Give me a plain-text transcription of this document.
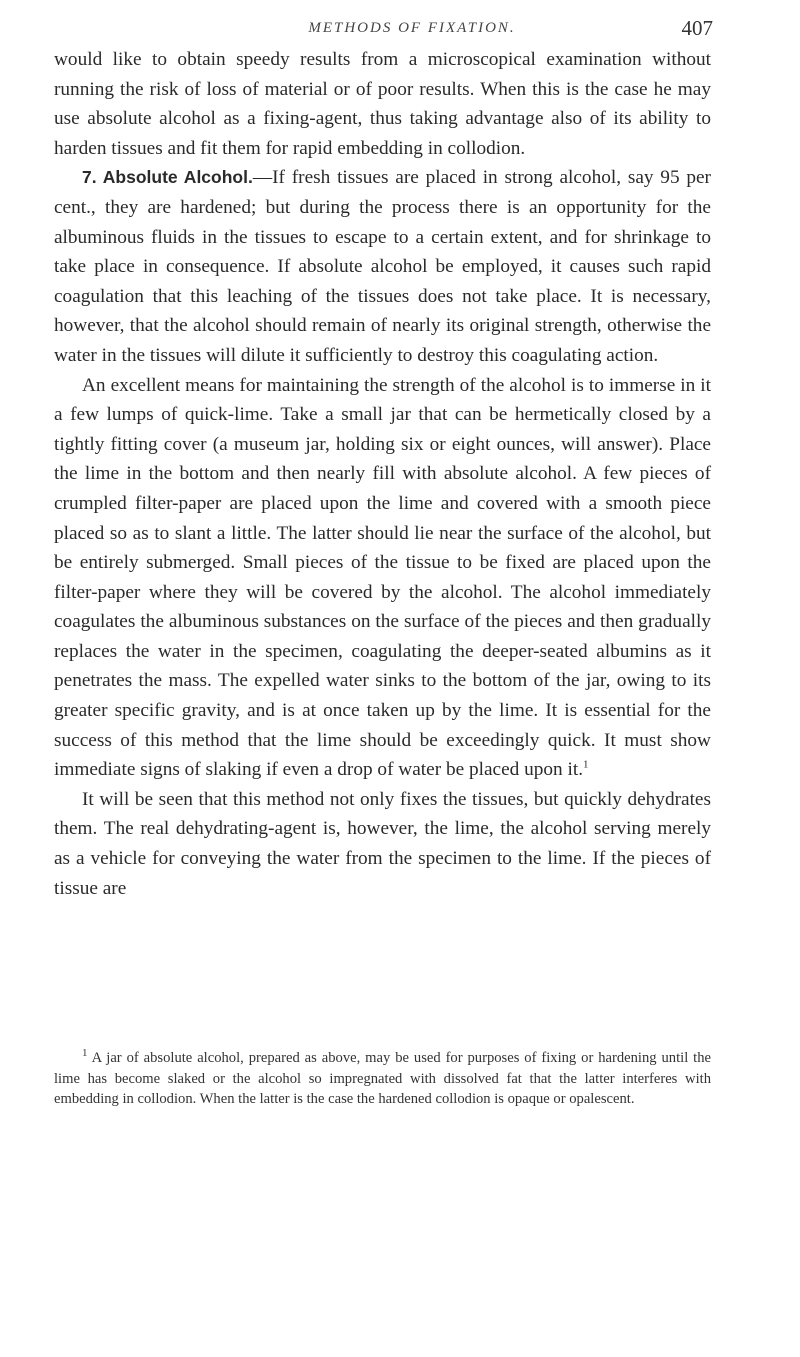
METHODS OF FIXATION.	407

would like to obtain speedy results from a microscopical examination without running the risk of loss of material or of poor results. When this is the case he may use absolute alcohol as a fixing-agent, thus taking advantage also of its ability to harden tissues and fit them for rapid embedding in collodion.

7. Absolute Alcohol.—If fresh tissues are placed in strong alcohol, say 95 per cent., they are hardened; but during the process there is an opportunity for the albuminous fluids in the tissues to escape to a certain extent, and for shrinkage to take place in consequence. If absolute alcohol be employed, it causes such rapid coagulation that this leaching of the tissues does not take place. It is necessary, however, that the alcohol should remain of nearly its original strength, otherwise the water in the tissues will dilute it sufficiently to destroy this coagulating action.

An excellent means for maintaining the strength of the alcohol is to immerse in it a few lumps of quick-lime. Take a small jar that can be hermetically closed by a tightly fitting cover (a museum jar, holding six or eight ounces, will answer). Place the lime in the bottom and then nearly fill with absolute alcohol. A few pieces of crumpled filter-paper are placed upon the lime and covered with a smooth piece placed so as to slant a little. The latter should lie near the surface of the alcohol, but be entirely submerged. Small pieces of the tissue to be fixed are placed upon the filter-paper where they will be covered by the alcohol. The alcohol immediately coagulates the albuminous substances on the surface of the pieces and then gradually replaces the water in the specimen, coagulating the deeper-seated albumins as it penetrates the mass. The expelled water sinks to the bottom of the jar, owing to its greater specific gravity, and is at once taken up by the lime. It is essential for the success of this method that the lime should be exceedingly quick. It must show immediate signs of slaking if even a drop of water be placed upon it.$^1$

It will be seen that this method not only fixes the tissues, but quickly dehydrates them. The real dehydrating-agent is, however, the lime, the alcohol serving merely as a vehicle for conveying the water from the specimen to the lime. If the pieces of tissue are

$^1$ A jar of absolute alcohol, prepared as above, may be used for purposes of fixing or hardening until the lime has become slaked or the alcohol so impregnated with dissolved fat that the latter interferes with embedding in collodion. When the latter is the case the hardened collodion is opaque or opalescent.
